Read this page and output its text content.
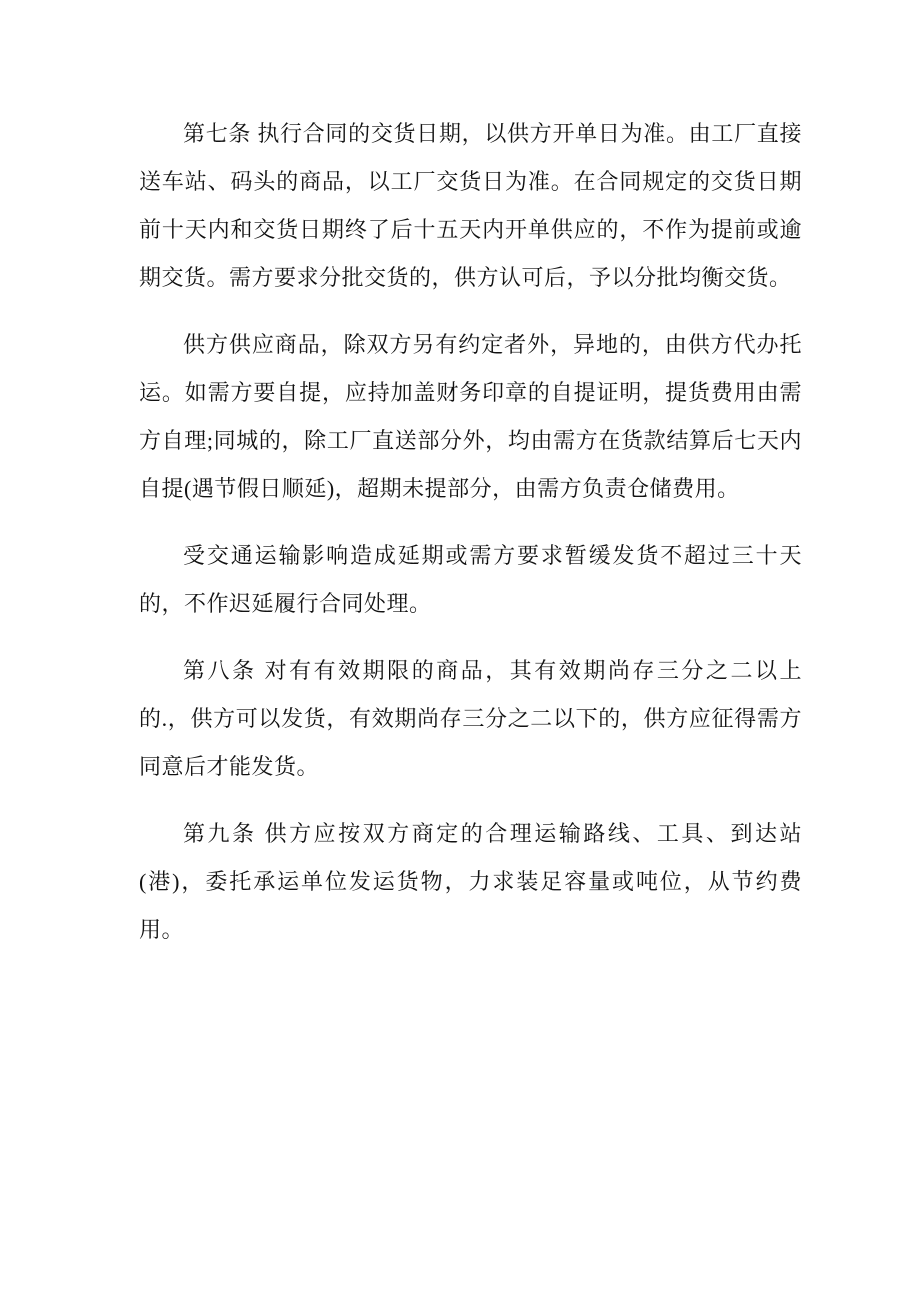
第七条 执行合同的交货日期，以供方开单日为准。由工厂直接送车站、码头的商品，以工厂交货日为准。在合同规定的交货日期前十天内和交货日期终了后十五天内开单供应的，不作为提前或逾期交货。需方要求分批交货的，供方认可后，予以分批均衡交货。

供方供应商品，除双方另有约定者外，异地的，由供方代办托运。如需方要自提，应持加盖财务印章的自提证明，提货费用由需方自理;同城的，除工厂直送部分外，均由需方在货款结算后七天内自提(遇节假日顺延)，超期未提部分，由需方负责仓储费用。

受交通运输影响造成延期或需方要求暂缓发货不超过三十天的，不作迟延履行合同处理。

第八条 对有有效期限的商品，其有效期尚存三分之二以上的.，供方可以发货，有效期尚存三分之二以下的，供方应征得需方同意后才能发货。

第九条 供方应按双方商定的合理运输路线、工具、到达站(港)，委托承运单位发运货物，力求装足容量或吨位，从节约费用。
